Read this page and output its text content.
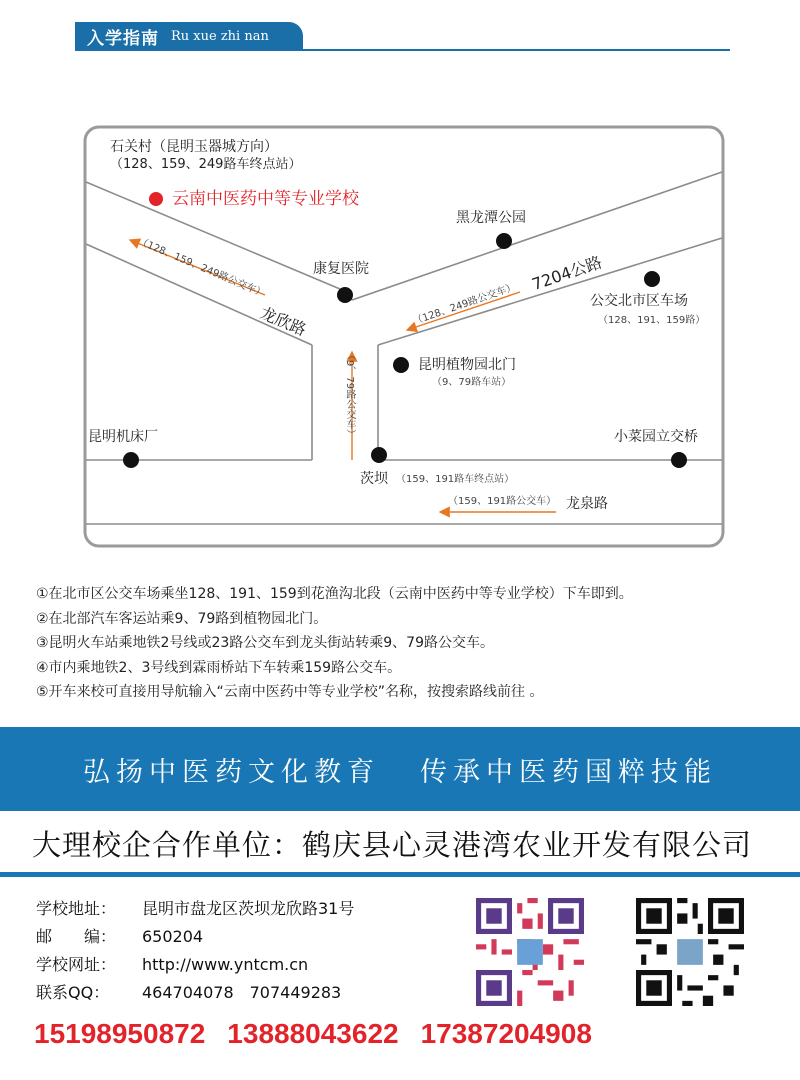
入学指南 Ru xue zhi nan
石关村（昆明玉器城方向）
（128、159、249路车终点站）
云南中医药中等专业学校
黑龙潭公园
康复医院
公交北市区车场
（128、191、159路）
昆明植物园北门
（9、79路车站）
昆明机床厂	小菜园立交桥
茨坝 （159、191路车终点站）
龙欣路
7204公路
龙泉路
（128、159、249路公交车）
（128、249路公交车）
（9、79路公交车）
（159、191路公交车）
①在北市区公交车场乘坐128、191、159到花渔沟北段（云南中医药中等专业学校）下车即到。
②在北部汽车客运站乘9、79路到植物园北门。
③昆明火车站乘地铁2号线或23路公交车到龙头街站转乘9、79路公交车。
④市内乘地铁2、3号线到霖雨桥站下车转乘159路公交车。
⑤开车来校可直接用导航输入“云南中医药中等专业学校”名称，按搜索路线前往 。
弘扬中医药文化教育 传承中医药国粹技能
大理校企合作单位：鹤庆县心灵港湾农业开发有限公司
学校地址： 昆明市盘龙区茨坝龙欣路31号
邮　　编： 650204
学校网址： http://www.yntcm.cn
联系QQ： 464704078　707449283
15198950872 13888043622 17387204908
